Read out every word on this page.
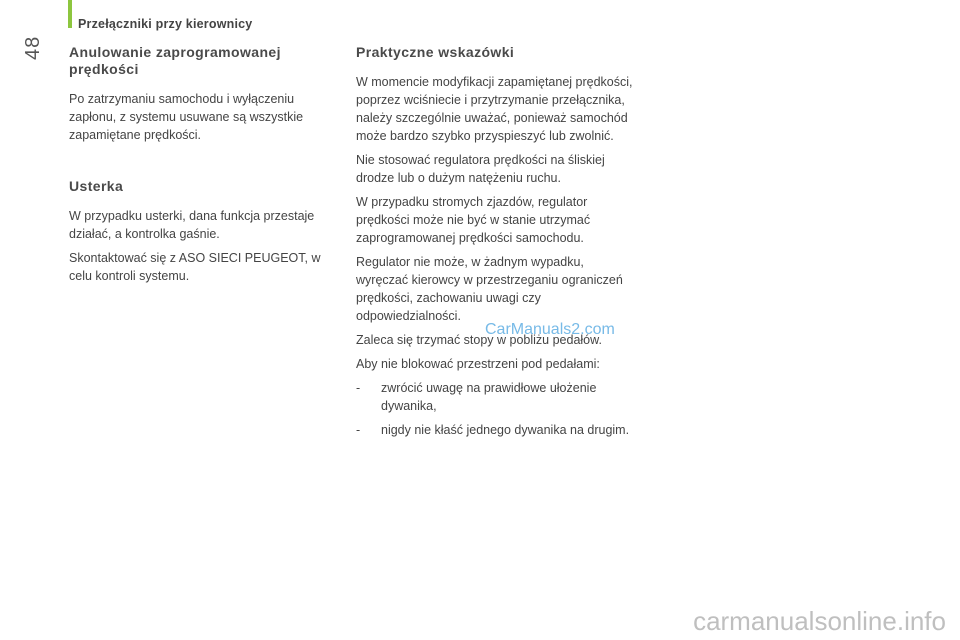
Przełączniki przy kierownicy
48 Anulowanie zaprogramowanej prędkości

Po zatrzymaniu samochodu i wyłączeniu zapłonu, z systemu usuwane są wszystkie zapamiętane prędkości.

Usterka

W przypadku usterki, dana funkcja przestaje działać, a kontrolka gaśnie.

Skontaktować się z ASO SIECI PEUGEOT, w celu kontroli systemu.

Praktyczne wskazówki

W momencie modyfikacji zapamiętanej prędkości, poprzez wciśniecie i przytrzymanie przełącznika, należy szczególnie uważać, ponieważ samochód może bardzo szybko przyspieszyć lub zwolnić.

Nie stosować regulatora prędkości na śliskiej drodze lub o dużym natężeniu ruchu.

W przypadku stromych zjazdów, regulator prędkości może nie być w stanie utrzymać zaprogramowanej prędkości samochodu.

Regulator nie może, w żadnym wypadku, wyręczać kierowcy w przestrzeganiu ograniczeń prędkości, zachowaniu uwagi czy odpowiedzialności.

Zaleca się trzymać stopy w pobliżu pedałów.

Aby nie blokować przestrzeni pod pedałami:

- zwrócić uwagę na prawidłowe ułożenie dywanika,
- nigdy nie kłaść jednego dywanika na drugim.
CarManuals2.com
carmanualsonline.info
